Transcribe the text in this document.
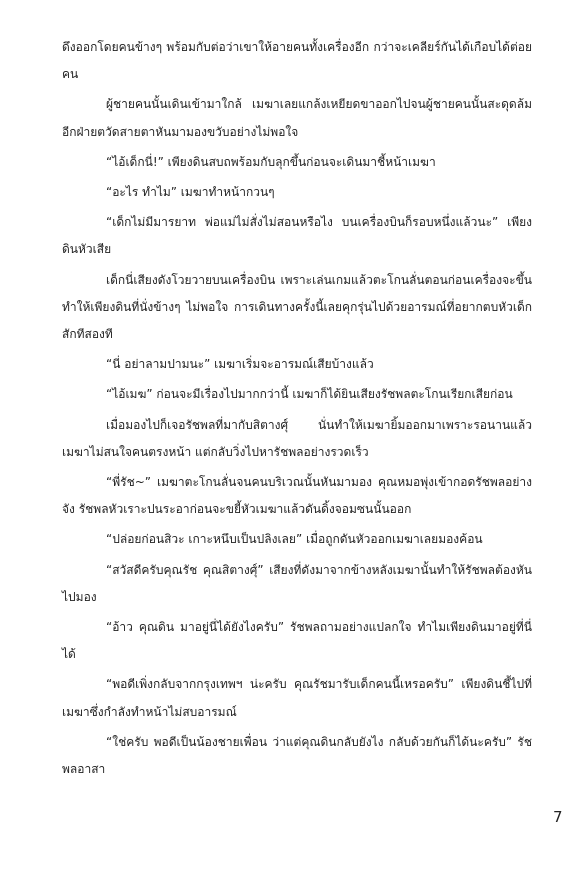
ดึงออกโดยคนข้างๆ พร้อมกับต่อว่าเขาให้อายคนทั้งเครื่องอีก กว่าจะเคลียร์กันได้เกือบได้ต่อยคน

ผู้ชายคนนั้นเดินเข้ามาใกล้ เมฆาเลยแกล้งเหยียดขาออกไปจนผู้ชายคนนั้นสะดุดล้ม อีกฝ่ายตวัดสายตาหันมามองขวับอย่างไม่พอใจ

“ไอ้เด็กนี่!” เพียงดินสบถพร้อมกับลุกขึ้นก่อนจะเดินมาชี้หน้าเมฆา

“อะไร ทำไม” เมฆาทำหน้ากวนๆ

“เด็กไม่มีมารยาท พ่อแม่ไม่สั่งไม่สอนหรือไง บนเครื่องบินก็รอบหนึ่งแล้วนะ” เพียงดินหัวเสีย

เด็กนี่เสียงดังโวยวายบนเครื่องบิน เพราะเล่นเกมแล้วตะโกนลั่นตอนก่อนเครื่องจะขึ้น ทำให้เพียงดินที่นั่งข้างๆ ไม่พอใจ การเดินทางครั้งนี้เลยคุกรุ่นไปด้วยอารมณ์ที่อยากตบหัวเด็กสักทีสองที

“นี่ อย่าลามปามนะ” เมฆาเริ่มจะอารมณ์เสียบ้างแล้ว

“ไอ้เมฆ” ก่อนจะมีเรื่องไปมากกว่านี้ เมฆาก็ได้ยินเสียงรัชพลตะโกนเรียกเสียก่อน

เมื่อมองไปก็เจอรัชพลที่มากับสิตางศุ์ นั่นทำให้เมฆายิ้มออกมาเพราะรอนานแล้ว เมฆาไม่สนใจคนตรงหน้า แต่กลับวิ่งไปหารัชพลอย่างรวดเร็ว

“พี่รัช~” เมฆาตะโกนลั่นจนคนบริเวณนั้นหันมามอง คุณหมอพุ่งเข้ากอดรัชพลอย่างจัง รัชพลหัวเราะปนระอาก่อนจะขยี้หัวเมฆาแล้วดันดิ้งจอมซนนั้นออก

“ปล่อยก่อนสิวะ เกาะหนึบเป็นปลิงเลย” เมื่อถูกดันหัวออกเมฆาเลยมองค้อน

“สวัสดีครับคุณรัช คุณสิตางศุ์” เสียงที่ดังมาจากข้างหลังเมฆานั้นทำให้รัชพลต้องหันไปมอง

“อ้าว คุณดิน มาอยู่นี่ได้ยังไงครับ” รัชพลถามอย่างแปลกใจ ทำไมเพียงดินมาอยู่ที่นี่ได้

“พอดีเพิ่งกลับจากกรุงเทพฯ น่ะครับ คุณรัชมารับเด็กคนนี้เหรอครับ” เพียงดินชี้ไปที่เมฆาซึ่งกำลังทำหน้าไม่สบอารมณ์

“ใช่ครับ พอดีเป็นน้องชายเพื่อน ว่าแต่คุณดินกลับยังไง กลับด้วยกันก็ได้นะครับ” รัชพลอาสา

7
